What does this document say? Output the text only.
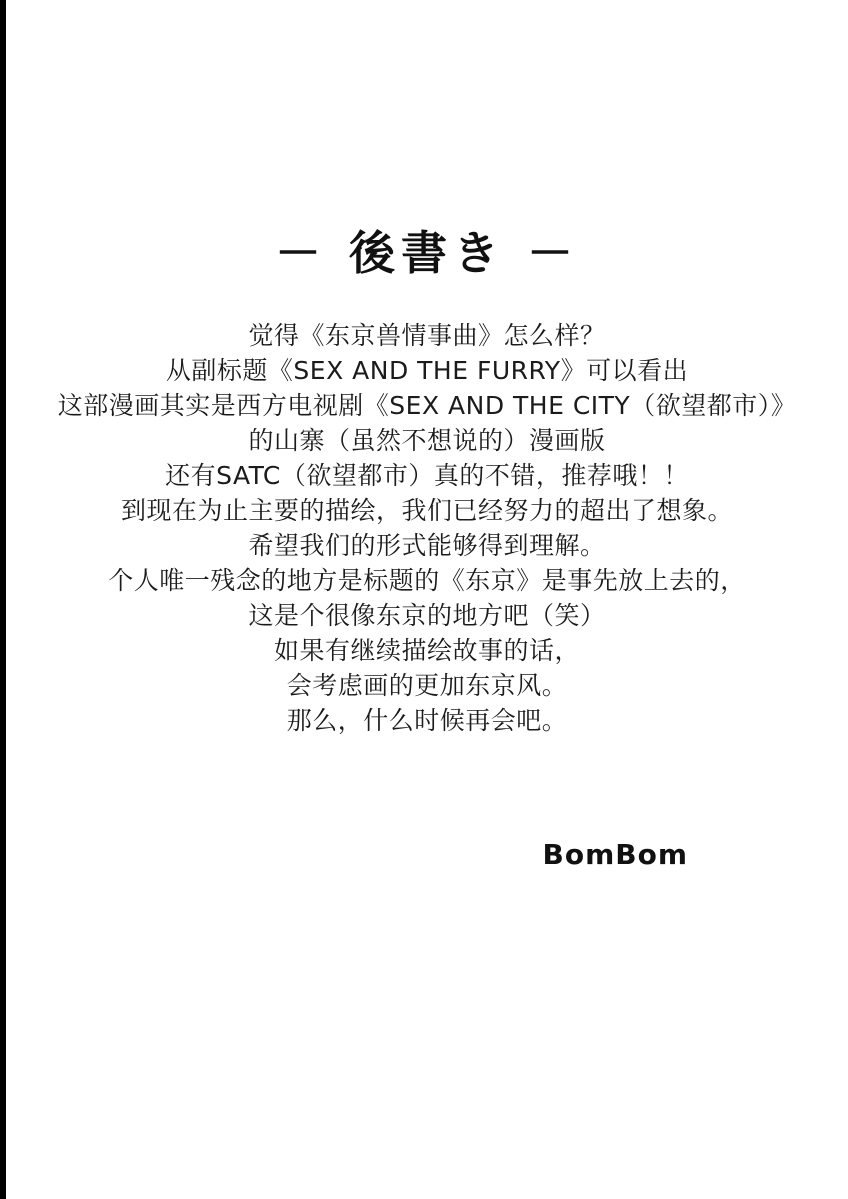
－ 後書き －
觉得《东京兽情事曲》怎么样？
从副标题《SEX AND THE FURRY》可以看出
这部漫画其实是西方电视剧《SEX AND THE CITY（欲望都市）》
的山寨（虽然不想说的）漫画版
还有SATC（欲望都市）真的不错，推荐哦！！
到现在为止主要的描绘，我们已经努力的超出了想象。
希望我们的形式能够得到理解。
个人唯一残念的地方是标题的《东京》是事先放上去的，
这是个很像东京的地方吧（笑）
如果有继续描绘故事的话，
会考虑画的更加东京风。
那么，什么时候再会吧。
BomBom
